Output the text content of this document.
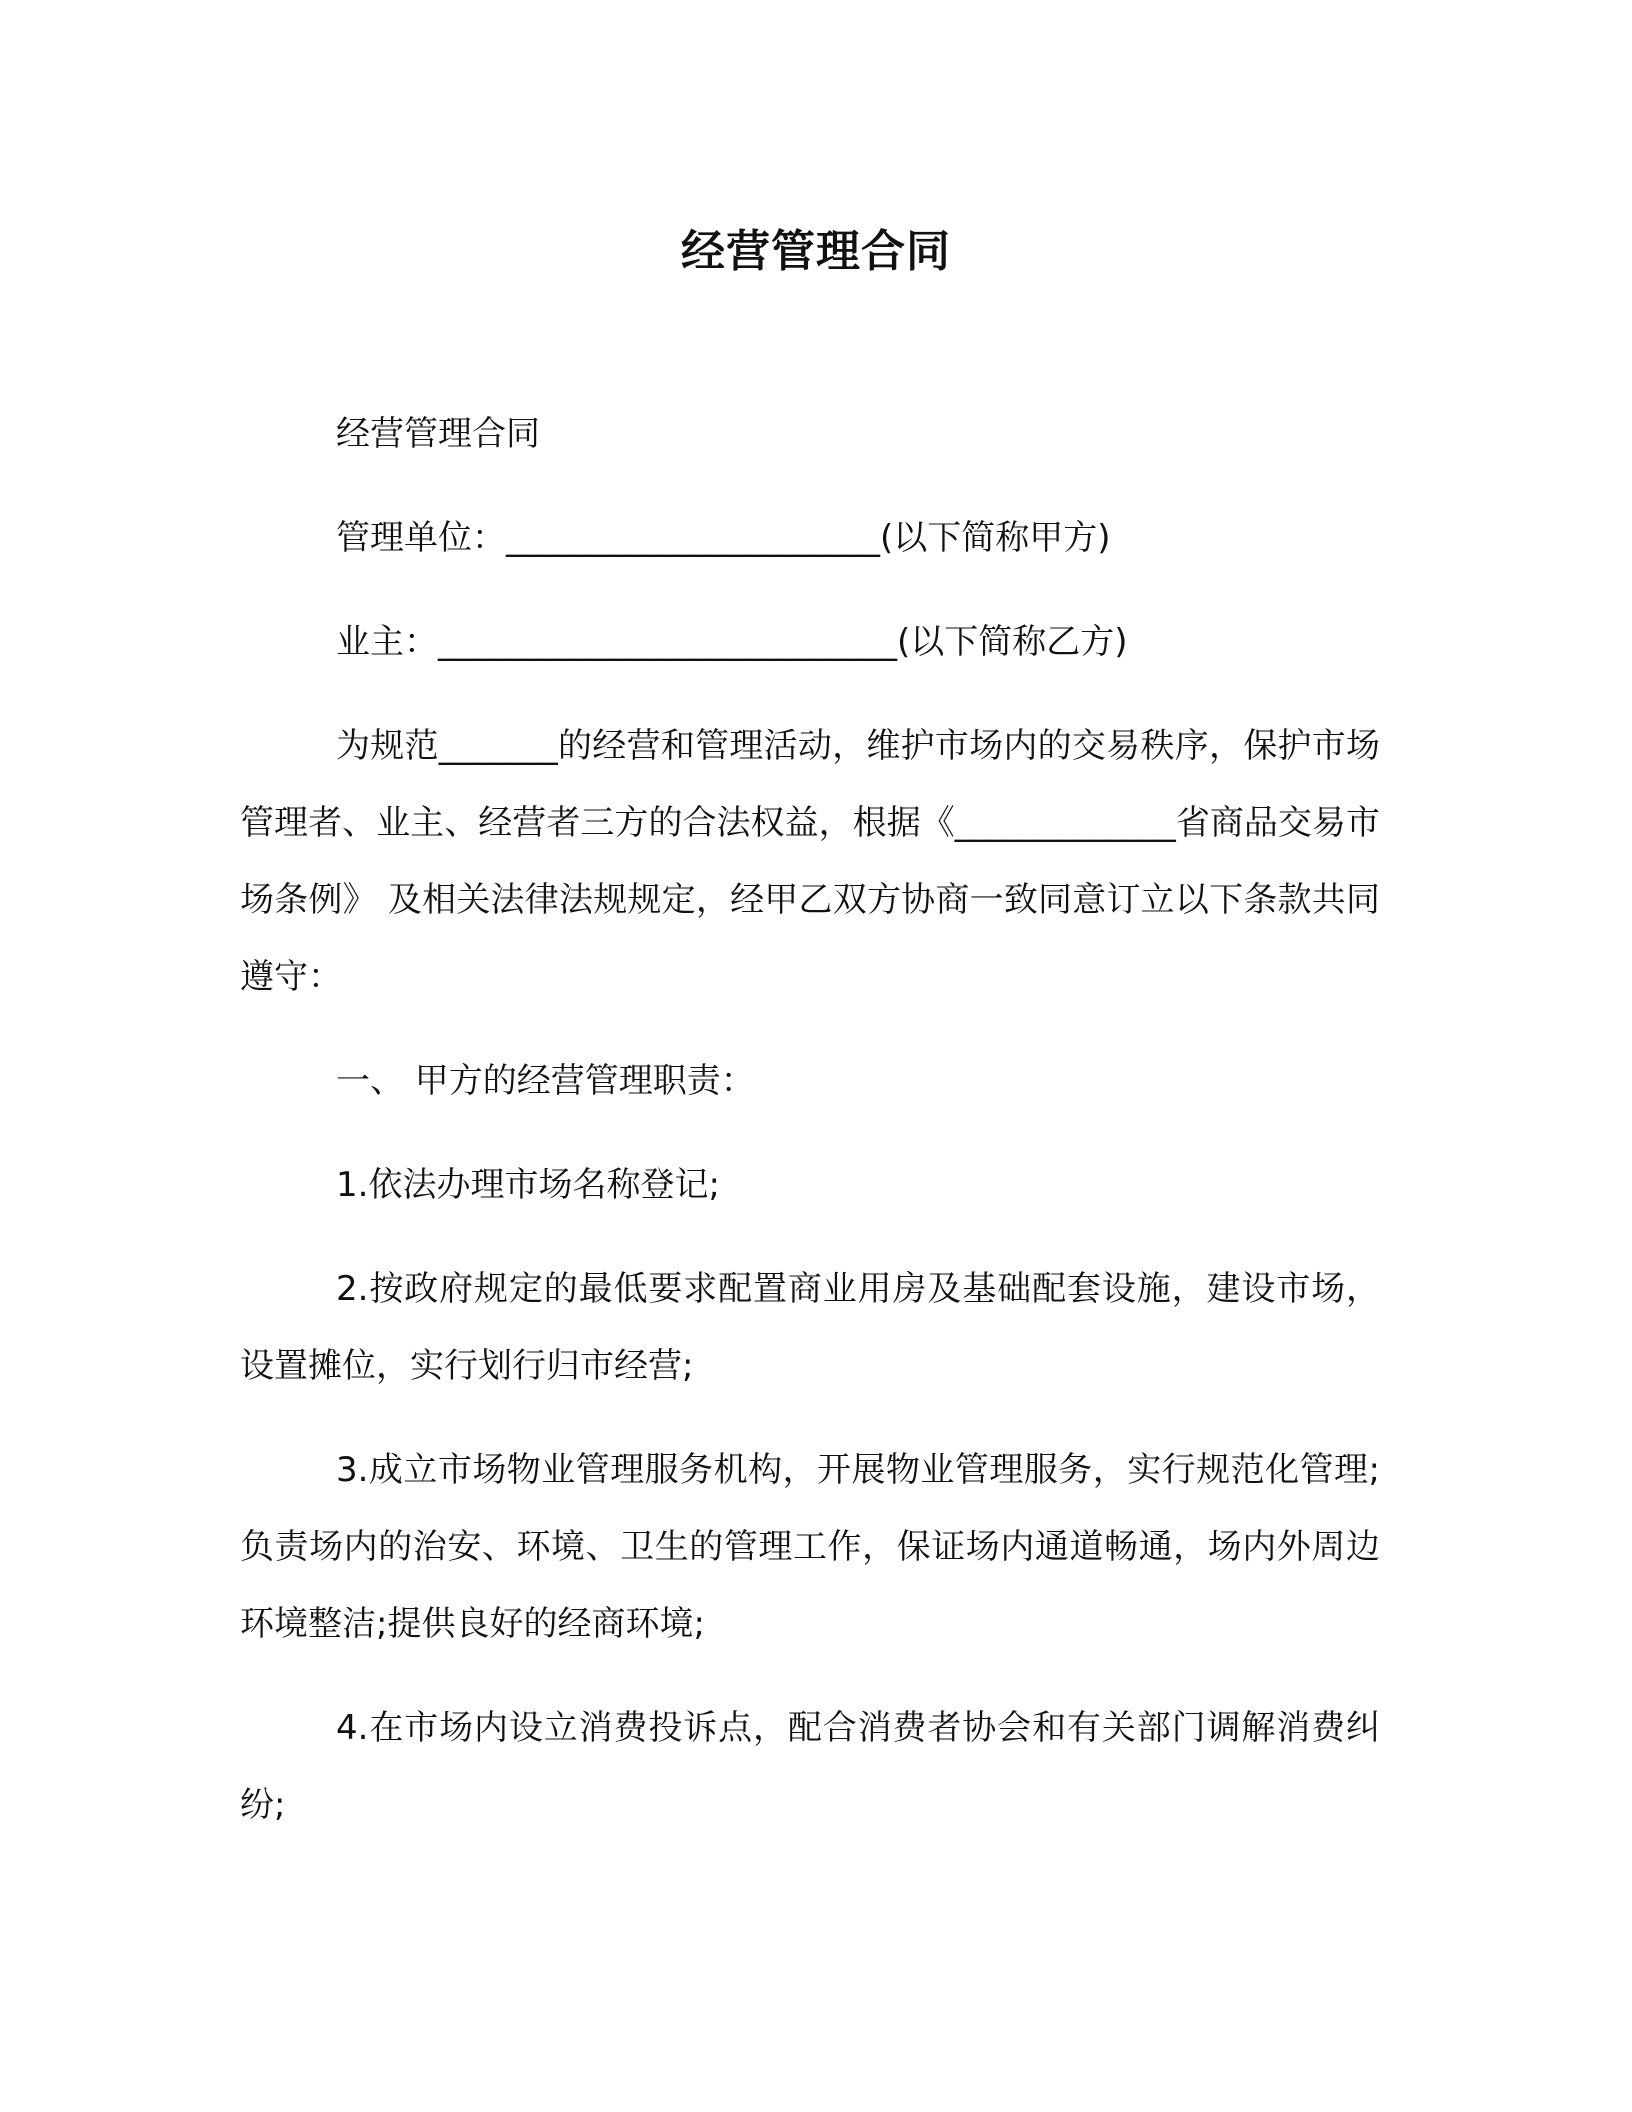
经营管理合同

经营管理合同

管理单位：______________________(以下简称甲方)

业主：___________________________(以下简称乙方)

为规范_______的经营和管理活动，维护市场内的交易秩序，保护市场管理者、业主、经营者三方的合法权益，根据《_____________省商品交易市场条例》 及相关法律法规规定，经甲乙双方协商一致同意订立以下条款共同遵守：

一、 甲方的经营管理职责：

1.依法办理市场名称登记;

2.按政府规定的最低要求配置商业用房及基础配套设施，建设市场，设置摊位，实行划行归市经营;

3.成立市场物业管理服务机构，开展物业管理服务，实行规范化管理;负责场内的治安、环境、卫生的管理工作，保证场内通道畅通，场内外周边环境整洁;提供良好的经商环境;

4.在市场内设立消费投诉点，配合消费者协会和有关部门调解消费纠纷;
